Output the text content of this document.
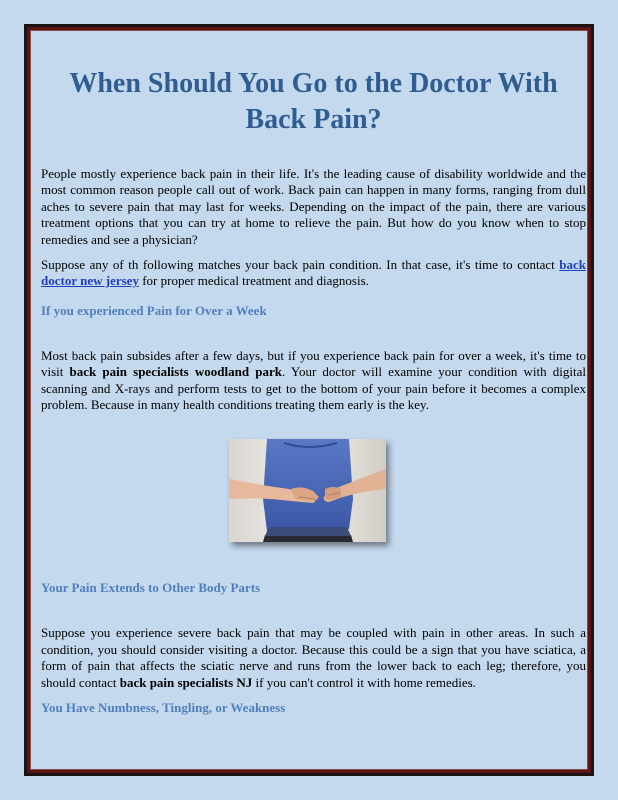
When Should You Go to the Doctor With Back Pain?

People mostly experience back pain in their life. It's the leading cause of disability worldwide and the most common reason people call out of work. Back pain can happen in many forms, ranging from dull aches to severe pain that may last for weeks. Depending on the impact of the pain, there are various treatment options that you can try at home to relieve the pain. But how do you know when to stop remedies and see a physician?

Suppose any of th following matches your back pain condition. In that case, it's time to contact back doctor new jersey for proper medical treatment and diagnosis.

If you experienced Pain for Over a Week

Most back pain subsides after a few days, but if you experience back pain for over a week, it's time to visit back pain specialists woodland park. Your doctor will examine your condition with digital scanning and X-rays and perform tests to get to the bottom of your pain before it becomes a complex problem. Because in many health conditions treating them early is the key.

Your Pain Extends to Other Body Parts

Suppose you experience severe back pain that may be coupled with pain in other areas. In such a condition, you should consider visiting a doctor. Because this could be a sign that you have sciatica, a form of pain that affects the sciatic nerve and runs from the lower back to each leg; therefore, you should contact back pain specialists NJ if you can't control it with home remedies.

You Have Numbness, Tingling, or Weakness
